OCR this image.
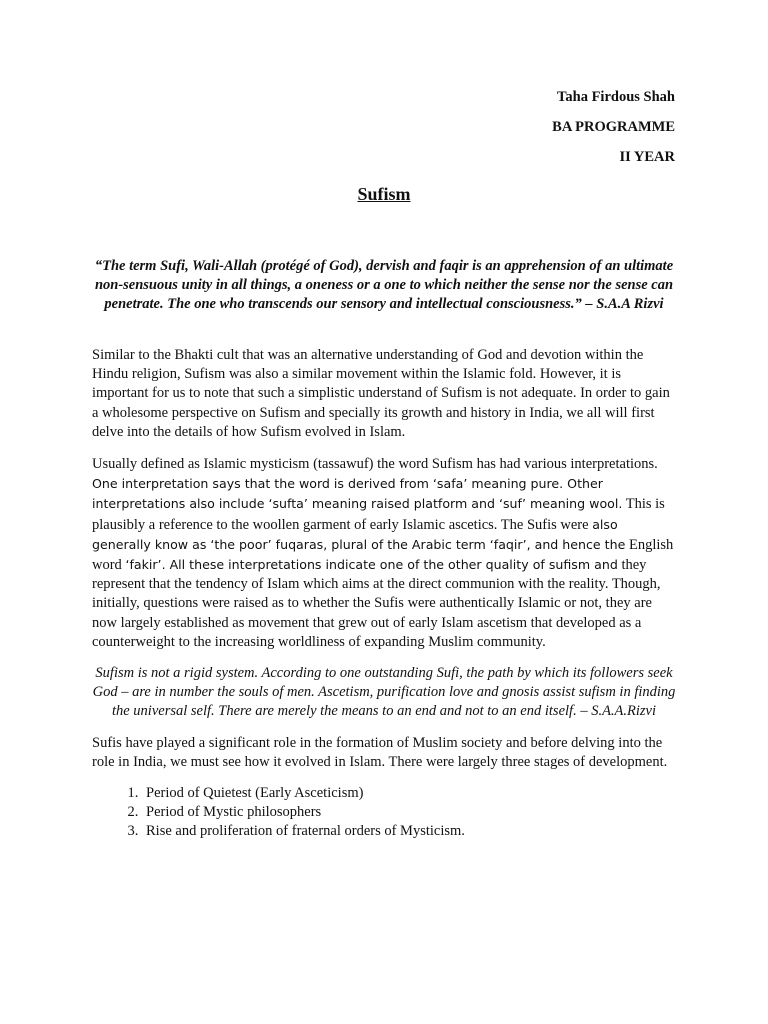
Taha Firdous Shah

BA PROGRAMME

II YEAR

Sufism

“The term Sufi, Wali-Allah (protégé of God), dervish and faqir is an apprehension of an ultimate non-sensuous unity in all things, a oneness or a one to which neither the sense nor the sense can penetrate. The one who transcends our sensory and intellectual consciousness.” – S.A.A Rizvi

Similar to the Bhakti cult that was an alternative understanding of God and devotion within the Hindu religion, Sufism was also a similar movement within the Islamic fold. However, it is important for us to note that such a simplistic understand of Sufism is not adequate. In order to gain a wholesome perspective on Sufism and specially its growth and history in India, we all will first delve into the details of how Sufism evolved in Islam.

Usually defined as Islamic mysticism (tassawuf) the word Sufism has had various interpretations. One interpretation says that the word is derived from ‘safa’ meaning pure. Other interpretations also include ‘sufta’ meaning raised platform and ‘suf’ meaning wool. This is plausibly a reference to the woollen garment of early Islamic ascetics. The Sufis were also generally know as ‘the poor’ fuqaras, plural of the Arabic term ‘faqir’, and hence the English word ‘fakir’. All these interpretations indicate one of the other quality of sufism and they represent that the tendency of Islam which aims at the direct communion with the reality. Though, initially, questions were raised as to whether the Sufis were authentically Islamic or not, they are now largely established as movement that grew out of early Islam ascetism that developed as a counterweight to the increasing worldliness of expanding Muslim community.

Sufism is not a rigid system. According to one outstanding Sufi, the path by which its followers seek God – are in number the souls of men. Ascetism, purification love and gnosis assist sufism in finding the universal self. There are merely the means to an end and not to an end itself. – S.A.A.Rizvi

Sufis have played a significant role in the formation of Muslim society and before delving into the role in India, we must see how it evolved in Islam. There were largely three stages of development.

1. Period of Quietest (Early Asceticism)
2. Period of Mystic philosophers
3. Rise and proliferation of fraternal orders of Mysticism.
